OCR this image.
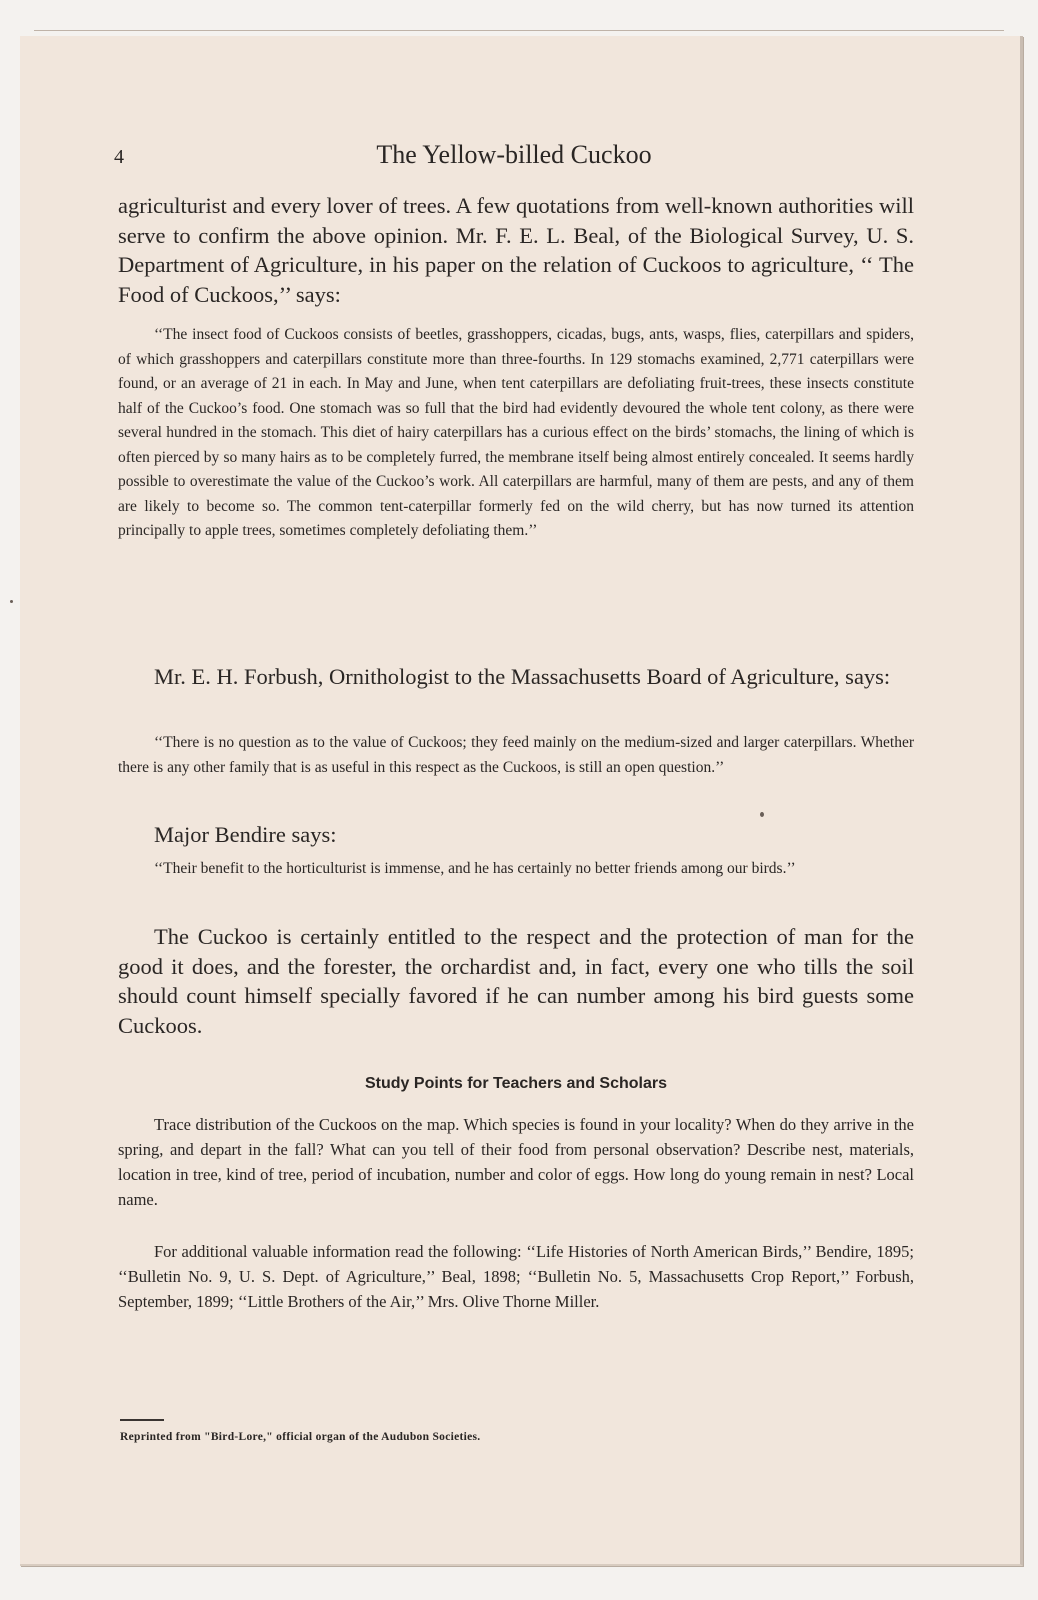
4	The Yellow-billed Cuckoo
agriculturist and every lover of trees. A few quotations from well-known authorities will serve to confirm the above opinion. Mr. F. E. L. Beal, of the Biological Survey, U. S. Department of Agriculture, in his paper on the relation of Cuckoos to agriculture, ‘‘ The Food of Cuckoos,’’ says:
‘‘The insect food of Cuckoos consists of beetles, grasshoppers, cicadas, bugs, ants, wasps, flies, caterpillars and spiders, of which grasshoppers and caterpillars constitute more than three-fourths. In 129 stomachs examined, 2,771 caterpillars were found, or an average of 21 in each. In May and June, when tent caterpillars are defoliating fruit-trees, these insects constitute half of the Cuckoo’s food. One stomach was so full that the bird had evidently devoured the whole tent colony, as there were several hundred in the stomach. This diet of hairy caterpillars has a curious effect on the birds’ stomachs, the lining of which is often pierced by so many hairs as to be completely furred, the membrane itself being almost entirely concealed. It seems hardly possible to overestimate the value of the Cuckoo’s work. All caterpillars are harmful, many of them are pests, and any of them are likely to become so. The common tent-caterpillar formerly fed on the wild cherry, but has now turned its attention principally to apple trees, sometimes completely defoliating them.’’
Mr. E. H. Forbush, Ornithologist to the Massachusetts Board of Agriculture, says:
‘‘There is no question as to the value of Cuckoos; they feed mainly on the medium-sized and larger caterpillars. Whether there is any other family that is as useful in this respect as the Cuckoos, is still an open question.’’
Major Bendire says:
‘‘Their benefit to the horticulturist is immense, and he has certainly no better friends among our birds.’’
The Cuckoo is certainly entitled to the respect and the protection of man for the good it does, and the forester, the orchardist and, in fact, every one who tills the soil should count himself specially favored if he can number among his bird guests some Cuckoos.
Study Points for Teachers and Scholars
Trace distribution of the Cuckoos on the map. Which species is found in your locality? When do they arrive in the spring, and depart in the fall? What can you tell of their food from personal observation? Describe nest, materials, location in tree, kind of tree, period of incubation, number and color of eggs. How long do young remain in nest? Local name.
For additional valuable information read the following: ‘‘Life Histories of North American Birds,’’ Bendire, 1895; ‘‘Bulletin No. 9, U. S. Dept. of Agriculture,’’ Beal, 1898; ‘‘Bulletin No. 5, Massachusetts Crop Report,’’ Forbush, September, 1899; ‘‘Little Brothers of the Air,’’ Mrs. Olive Thorne Miller.
Reprinted from "Bird-Lore," official organ of the Audubon Societies.
